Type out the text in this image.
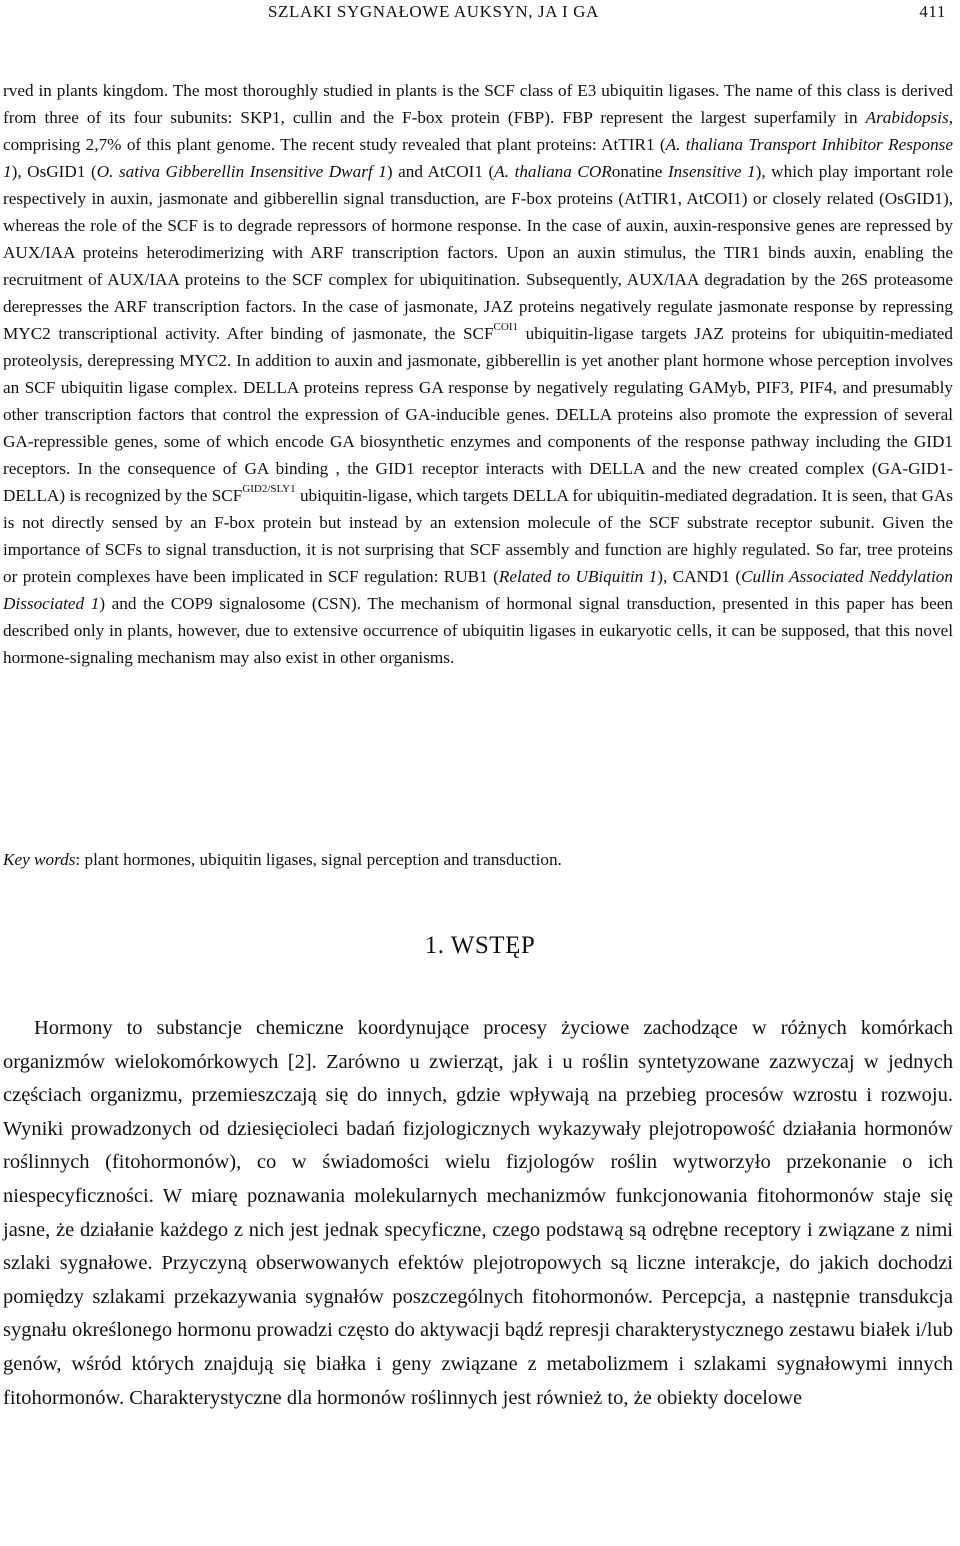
SZLAKI SYGNAŁOWE AUKSYN, JA I GA	411

rved in plants kingdom. The most thoroughly studied in plants is the SCF class of E3 ubiquitin ligases. The name of this class is derived from three of its four subunits: SKP1, cullin and the F-box protein (FBP). FBP represent the largest superfamily in Arabidopsis, comprising 2,7% of this plant genome. The recent study revealed that plant proteins: AtTIR1 (A. thaliana Transport Inhibitor Response 1), OsGID1 (O. sativa Gibberellin Insensitive Dwarf 1) and AtCOI1 (A. thaliana CORonatine Insensitive 1), which play important role respectively in auxin, jasmonate and gibberellin signal transduction, are F-box proteins (AtTIR1, AtCOI1) or closely related (OsGID1), whereas the role of the SCF is to degrade repressors of hormone response. In the case of auxin, auxin-responsive genes are repressed by AUX/IAA proteins heterodimerizing with ARF transcription factors. Upon an auxin stimulus, the TIR1 binds auxin, enabling the recruitment of AUX/IAA proteins to the SCF complex for ubiquitination. Subsequently, AUX/IAA degradation by the 26S proteasome derepresses the ARF transcription factors. In the case of jasmonate, JAZ proteins negatively regulate jasmonate response by repressing MYC2 transcriptional activity. After binding of jasmonate, the $SCF^{COI1}$ ubiquitin-ligase targets JAZ proteins for ubiquitin-mediated proteolysis, derepressing MYC2. In addition to auxin and jasmonate, gibberellin is yet another plant hormone whose perception involves an SCF ubiquitin ligase complex. DELLA proteins repress GA response by negatively regulating GAMyb, PIF3, PIF4, and presumably other transcription factors that control the expression of GA-inducible genes. DELLA proteins also promote the expression of several GA-repressible genes, some of which encode GA biosynthetic enzymes and components of the response pathway including the GID1 receptors. In the consequence of GA binding , the GID1 receptor interacts with DELLA and the new created complex (GA-GID1-DELLA) is recognized by the $SCF^{GID2/SLY1}$ ubiquitin-ligase, which targets DELLA for ubiquitin-mediated degradation. It is seen, that GAs is not directly sensed by an F-box protein but instead by an extension molecule of the SCF substrate receptor subunit. Given the importance of SCFs to signal transduction, it is not surprising that SCF assembly and function are highly regulated. So far, tree proteins or protein complexes have been implicated in SCF regulation: RUB1 (Related to UBiquitin 1), CAND1 (Cullin Associated Neddylation Dissociated 1) and the COP9 signalosome (CSN). The mechanism of hormonal signal transduction, presented in this paper has been described only in plants, however, due to extensive occurrence of ubiquitin ligases in eukaryotic cells, it can be supposed, that this novel hormone-signaling mechanism may also exist in other organisms.

Key words: plant hormones, ubiquitin ligases, signal perception and transduction.
1. WSTĘP

Hormony to substancje chemiczne koordynujące procesy życiowe zachodzące w różnych komórkach organizmów wielokomórkowych [2]. Zarówno u zwierząt, jak i u roślin syntetyzowane zazwyczaj w jednych częściach organizmu, przemieszczają się do innych, gdzie wpływają na przebieg procesów wzrostu i rozwoju. Wyniki prowadzonych od dziesięcioleci badań fizjologicznych wykazywały plejotropowość działania hormonów roślinnych (fitohormonów), co w świadomości wielu fizjologów roślin wytworzyło przekonanie o ich niespecyficzności. W miarę poznawania molekularnych mechanizmów funkcjonowania fitohormonów staje się jasne, że działanie każdego z nich jest jednak specyficzne, czego podstawą są odrębne receptory i związane z nimi szlaki sygnałowe. Przyczyną obserwowanych efektów plejotropowych są liczne interakcje, do jakich dochodzi pomiędzy szlakami przekazywania sygnałów poszczególnych fitohormonów. Percepcja, a następnie transdukcja sygnału określonego hormonu prowadzi często do aktywacji bądź represji charakterystycznego zestawu białek i/lub genów, wśród których znajdują się białka i geny związane z metabolizmem i szlakami sygnałowymi innych fitohormonów. Charakterystyczne dla hormonów roślinnych jest również to, że obiekty docelowe
